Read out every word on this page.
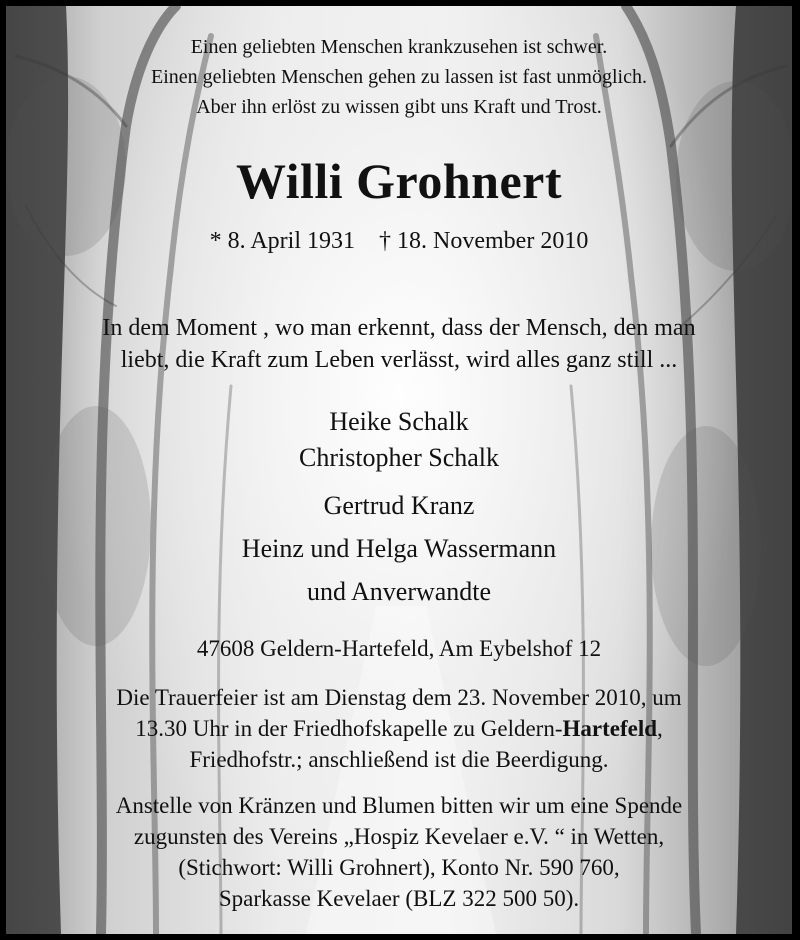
Einen geliebten Menschen krankzusehen ist schwer.
Einen geliebten Menschen gehen zu lassen ist fast unmöglich.
Aber ihn erlöst zu wissen gibt uns Kraft und Trost.
Willi Grohnert
* 8. April 1931 † 18. November 2010
In dem Moment , wo man erkennt, dass der Mensch, den man
liebt, die Kraft zum Leben verlässt, wird alles ganz still ...
Heike Schalk
Christopher Schalk
Gertrud Kranz
Heinz und Helga Wassermann
und Anverwandte
47608 Geldern-Hartefeld, Am Eybelshof 12
Die Trauerfeier ist am Dienstag dem 23. November 2010, um
13.30 Uhr in der Friedhofskapelle zu Geldern-Hartefeld,
Friedhofstr.; anschließend ist die Beerdigung.
Anstelle von Kränzen und Blumen bitten wir um eine Spende
zugunsten des Vereins „Hospiz Kevelaer e.V. “ in Wetten,
(Stichwort: Willi Grohnert), Konto Nr. 590 760,
Sparkasse Kevelaer (BLZ 322 500 50).
